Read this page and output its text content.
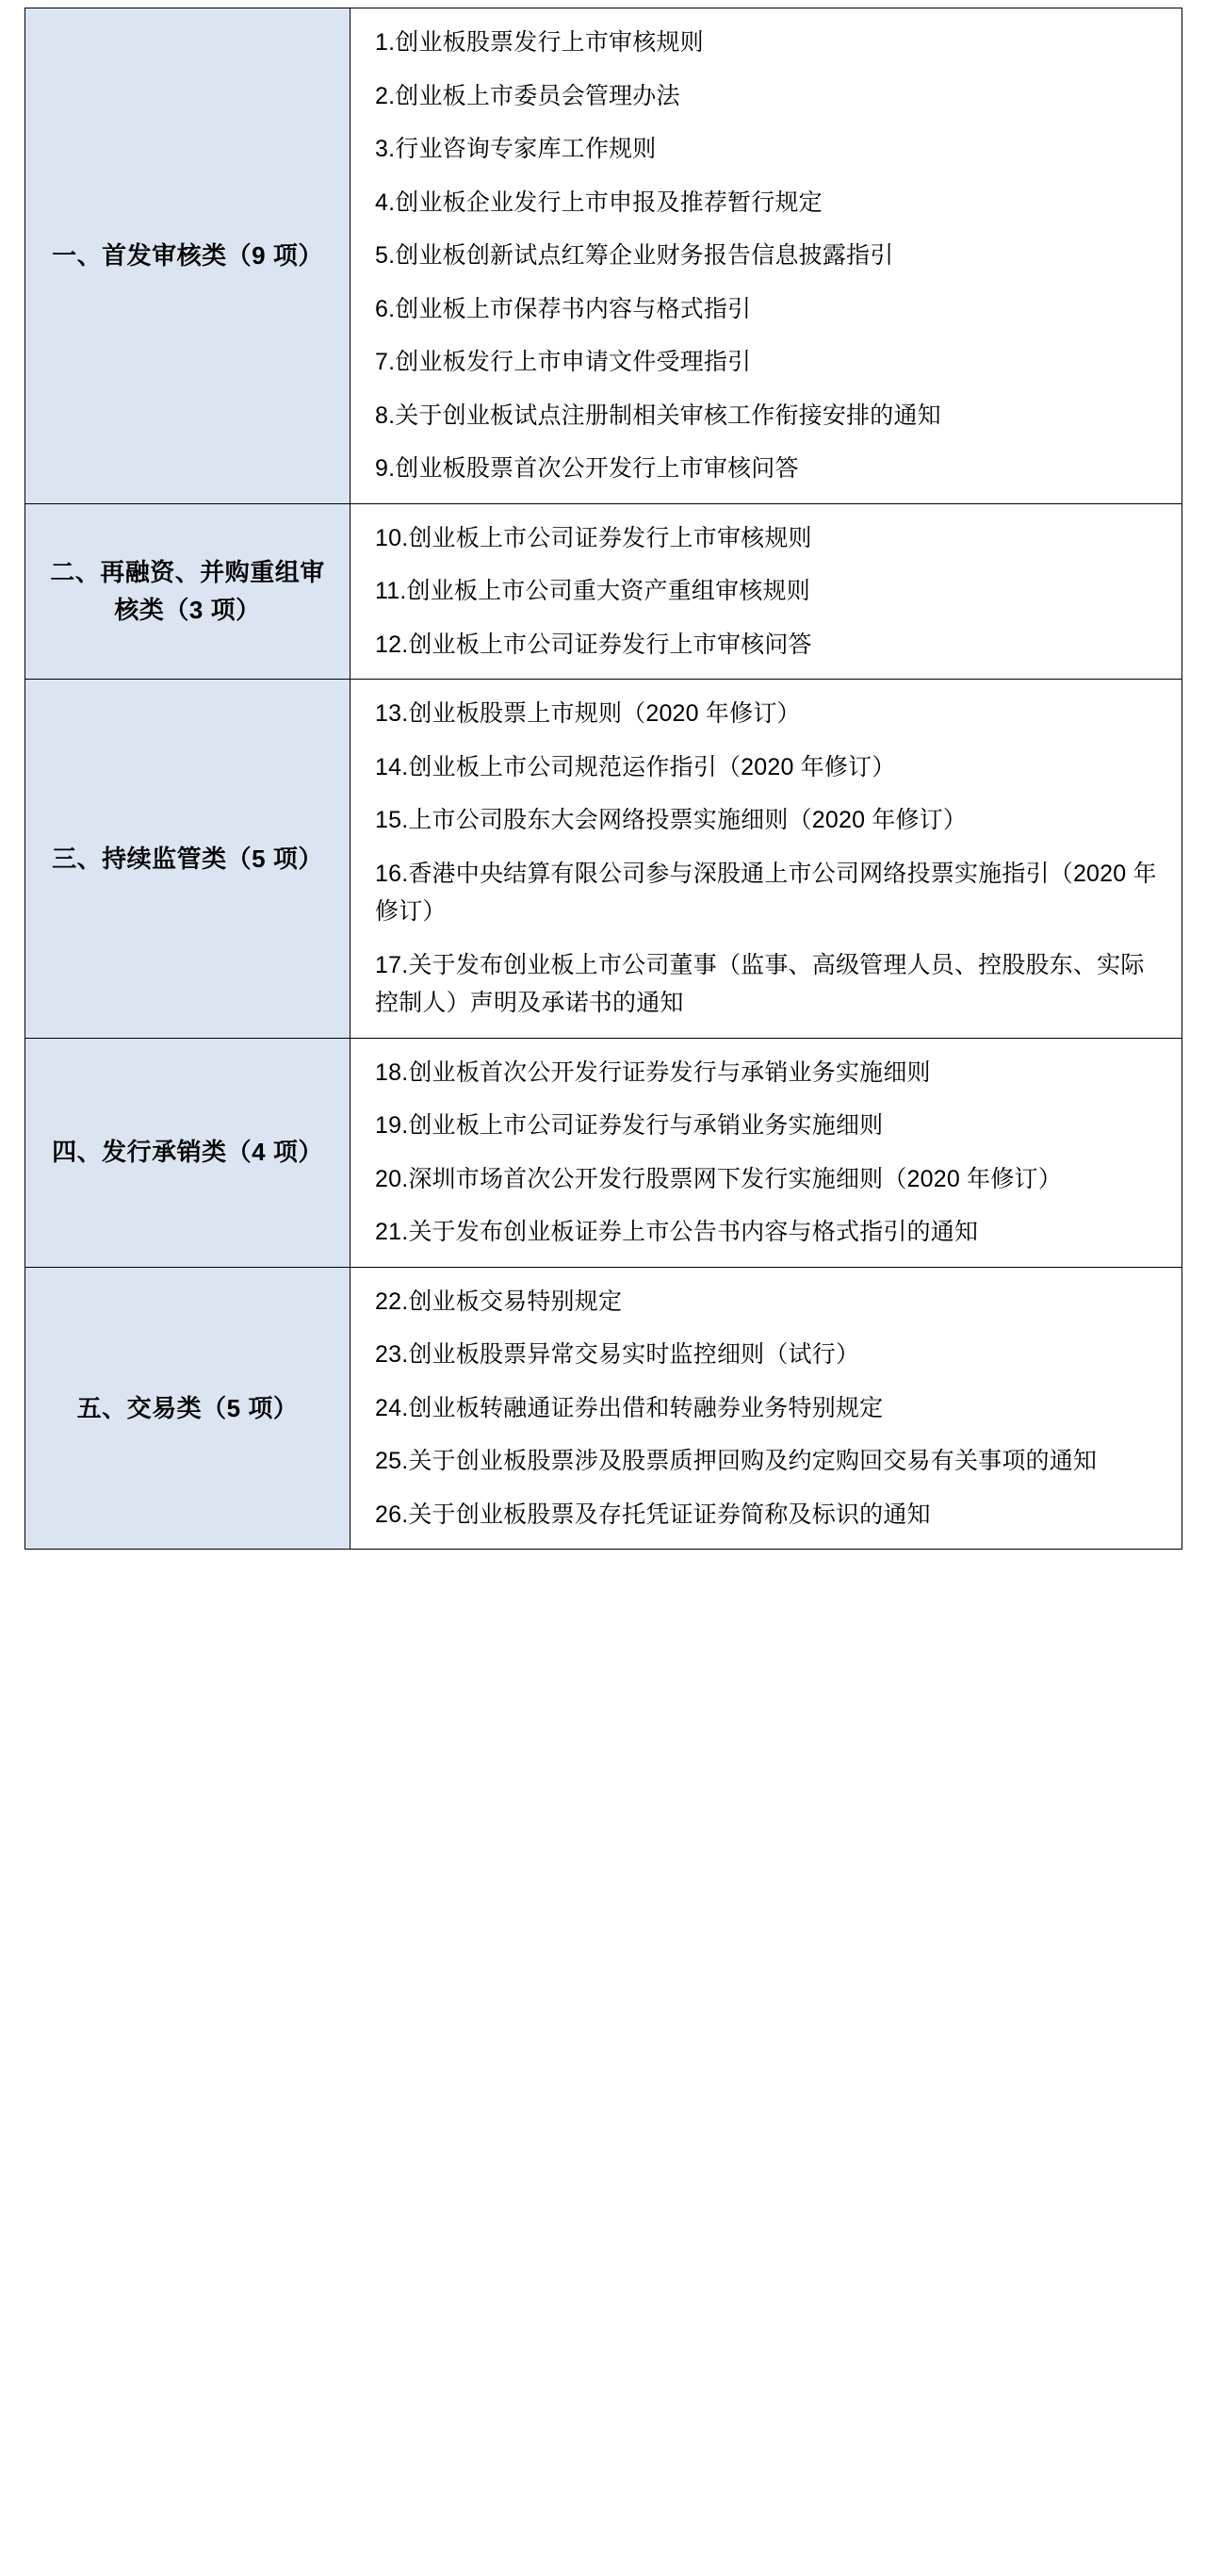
一、首发审核类（9 项）	
1.创业板股票发行上市审核规则
2.创业板上市委员会管理办法
3.行业咨询专家库工作规则
4.创业板企业发行上市申报及推荐暂行规定
5.创业板创新试点红筹企业财务报告信息披露指引
6.创业板上市保荐书内容与格式指引
7.创业板发行上市申请文件受理指引
8.关于创业板试点注册制相关审核工作衔接安排的通知
9.创业板股票首次公开发行上市审核问答

二、再融资、并购重组审核类（3 项）	
10.创业板上市公司证券发行上市审核规则
11.创业板上市公司重大资产重组审核规则
12.创业板上市公司证券发行上市审核问答

三、持续监管类（5 项）	
13.创业板股票上市规则（2020 年修订）
14.创业板上市公司规范运作指引（2020 年修订）
15.上市公司股东大会网络投票实施细则（2020 年修订）
16.香港中央结算有限公司参与深股通上市公司网络投票实施指引（2020 年修订）
17.关于发布创业板上市公司董事（监事、高级管理人员、控股股东、实际控制人）声明及承诺书的通知

四、发行承销类（4 项）	
18.创业板首次公开发行证券发行与承销业务实施细则
19.创业板上市公司证券发行与承销业务实施细则
20.深圳市场首次公开发行股票网下发行实施细则（2020 年修订）
21.关于发布创业板证券上市公告书内容与格式指引的通知

五、交易类（5 项）	
22.创业板交易特别规定
23.创业板股票异常交易实时监控细则（试行）
24.创业板转融通证券出借和转融券业务特别规定
25.关于创业板股票涉及股票质押回购及约定购回交易有关事项的通知
26.关于创业板股票及存托凭证证券简称及标识的通知
